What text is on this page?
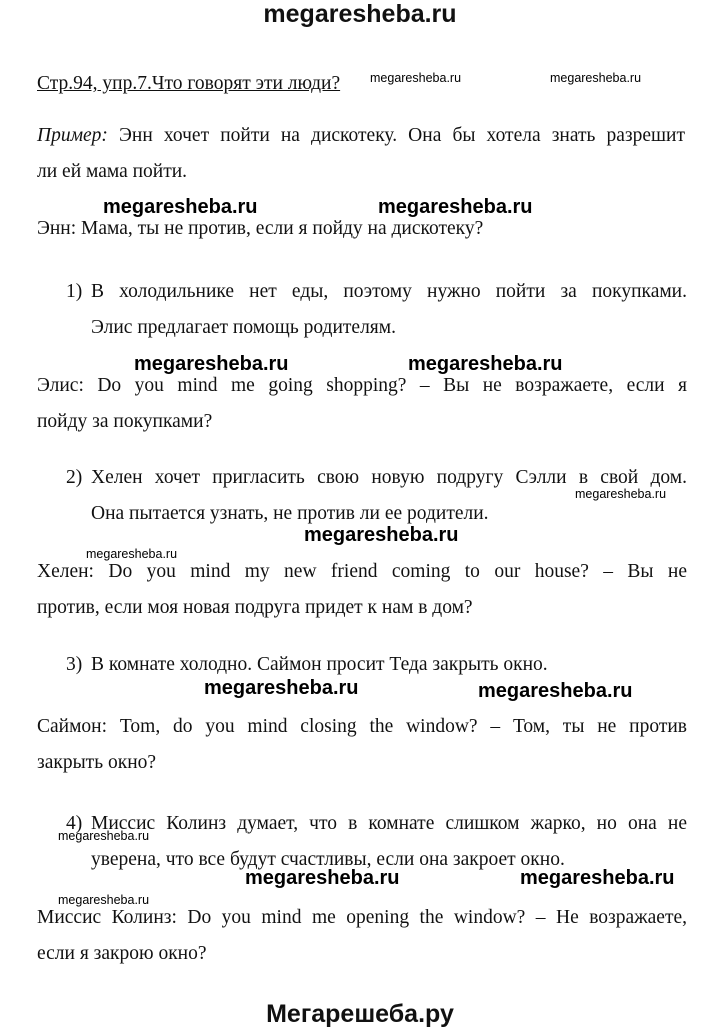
megaresheba.ru
Мегарешеба.ру
Стр.94, упр.7.Что говорят эти люди?
Пример: Энн хочет пойти на дискотеку. Она бы хотела знать разрешит
ли ей мама пойти.
Энн: Мама, ты не против, если я пойду на дискотеку?
1) В холодильнике нет еды, поэтому нужно пойти за покупками.
Элис предлагает помощь родителям.
Элис: Do you mind me going shopping? – Вы не возражаете, если я
пойду за покупками?
2) Хелен хочет пригласить свою новую подругу Сэлли в свой дом.
Она пытается узнать, не против ли ее родители.
Хелен: Do you mind my new friend coming to our house? – Вы не
против, если моя новая подруга придет к нам в дом?
3) В комнате холодно. Саймон просит Теда закрыть окно.
Саймон: Tom, do you mind closing the window? – Том, ты не против
закрыть окно?
4) Миссис Колинз думает, что в комнате слишком жарко, но она не
уверена, что все будут счастливы, если она закроет окно.
Миссис Колинз: Do you mind me opening the window? – Не возражаете,
если я закрою окно?
megaresheba.ru	megaresheba.ru
megaresheba.ru	megaresheba.ru
megaresheba.ru	megaresheba.ru
megaresheba.ru
megaresheba.ru
megaresheba.ru
megaresheba.ru	megaresheba.ru
megaresheba.ru
megaresheba.ru	megaresheba.ru
megaresheba.ru
